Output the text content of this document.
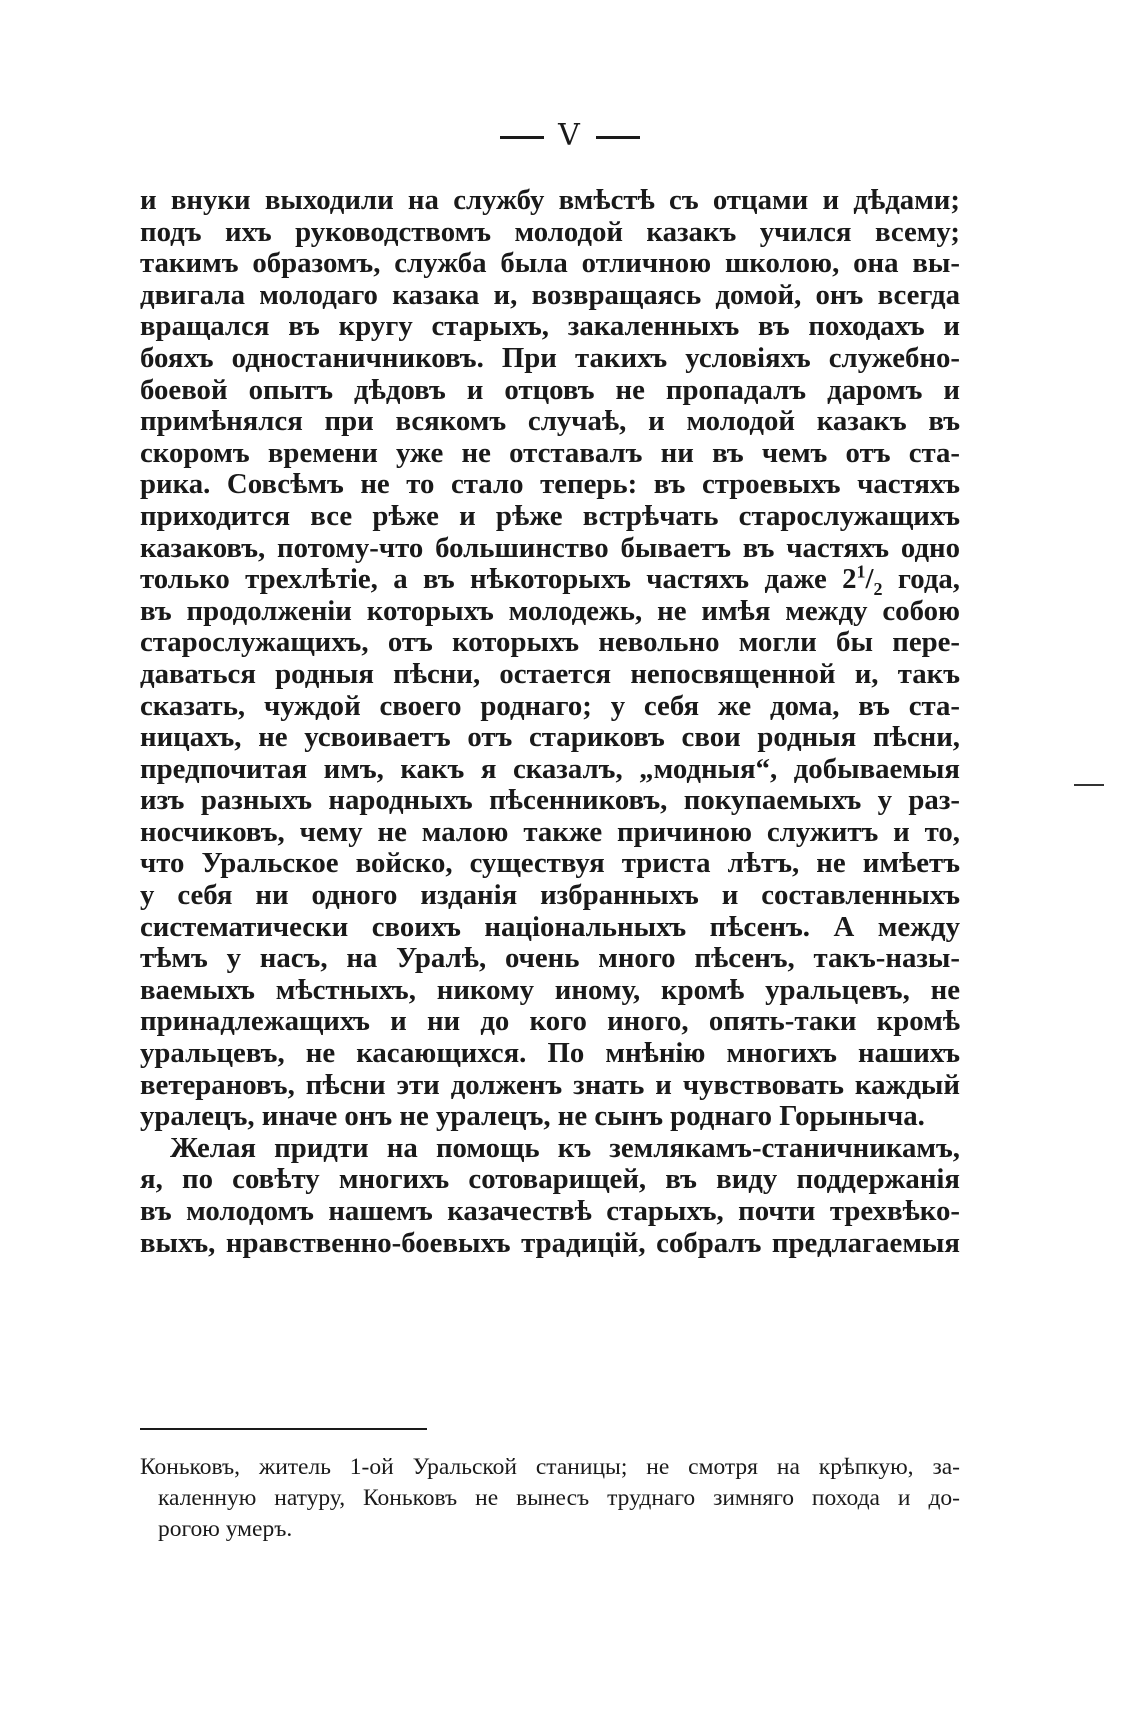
V
и внуки выходили на службу вмѣстѣ съ отцами и дѣдами;
подъ ихъ руководствомъ молодой казакъ учился всему;
такимъ образомъ, служба была отличною школою, она вы-
двигала молодаго казака и, возвращаясь домой, онъ всегда
вращался въ кругу старыхъ, закаленныхъ въ походахъ и
бояхъ одностаничниковъ. При такихъ условіяхъ служебно-
боевой опытъ дѣдовъ и отцовъ не пропадалъ даромъ и
примѣнялся при всякомъ случаѣ, и молодой казакъ въ
скоромъ времени уже не отставалъ ни въ чемъ отъ ста-
рика. Совсѣмъ не то стало теперь: въ строевыхъ частяхъ
приходится все рѣже и рѣже встрѣчать старослужащихъ
казаковъ, потому-что большинство бываетъ въ частяхъ одно
только трехлѣтіе, а въ нѣкоторыхъ частяхъ даже $2^1/_2$ года,
въ продолженіи которыхъ молодежь, не имѣя между собою
старослужащихъ, отъ которыхъ невольно могли бы пере-
даваться родныя пѣсни, остается непосвященной и, такъ
сказать, чуждой своего роднаго; у себя же дома, въ ста-
ницахъ, не усвоиваетъ отъ стариковъ свои родныя пѣсни,
предпочитая имъ, какъ я сказалъ, „модныя“, добываемыя
изъ разныхъ народныхъ пѣсенниковъ, покупаемыхъ у раз-
носчиковъ, чему не малою также причиною служитъ и то,
что Уральское войско, существуя триста лѣтъ, не имѣетъ
у себя ни одного изданія избранныхъ и составленныхъ
систематически своихъ національныхъ пѣсенъ. А между
тѣмъ у насъ, на Уралѣ, очень много пѣсенъ, такъ-назы-
ваемыхъ мѣстныхъ, никому иному, кромѣ уральцевъ, не
принадлежащихъ и ни до кого иного, опять-таки кромѣ
уральцевъ, не касающихся. По мнѣнію многихъ нашихъ
ветерановъ, пѣсни эти долженъ знать и чувствовать каждый
уралецъ, иначе онъ не уралецъ, не сынъ роднаго Горыныча.
Желая придти на помощь къ землякамъ-станичникамъ,
я, по совѣту многихъ сотоварищей, въ виду поддержанія
въ молодомъ нашемъ казачествѣ старыхъ, почти трехвѣко-
выхъ, нравственно-боевыхъ традицій, собралъ предлагаемыя
Коньковъ, житель 1-ой Уральской станицы; не смотря на крѣпкую, за-
каленную натуру, Коньковъ не вынесъ труднаго зимняго похода и до-
рогою умеръ.
